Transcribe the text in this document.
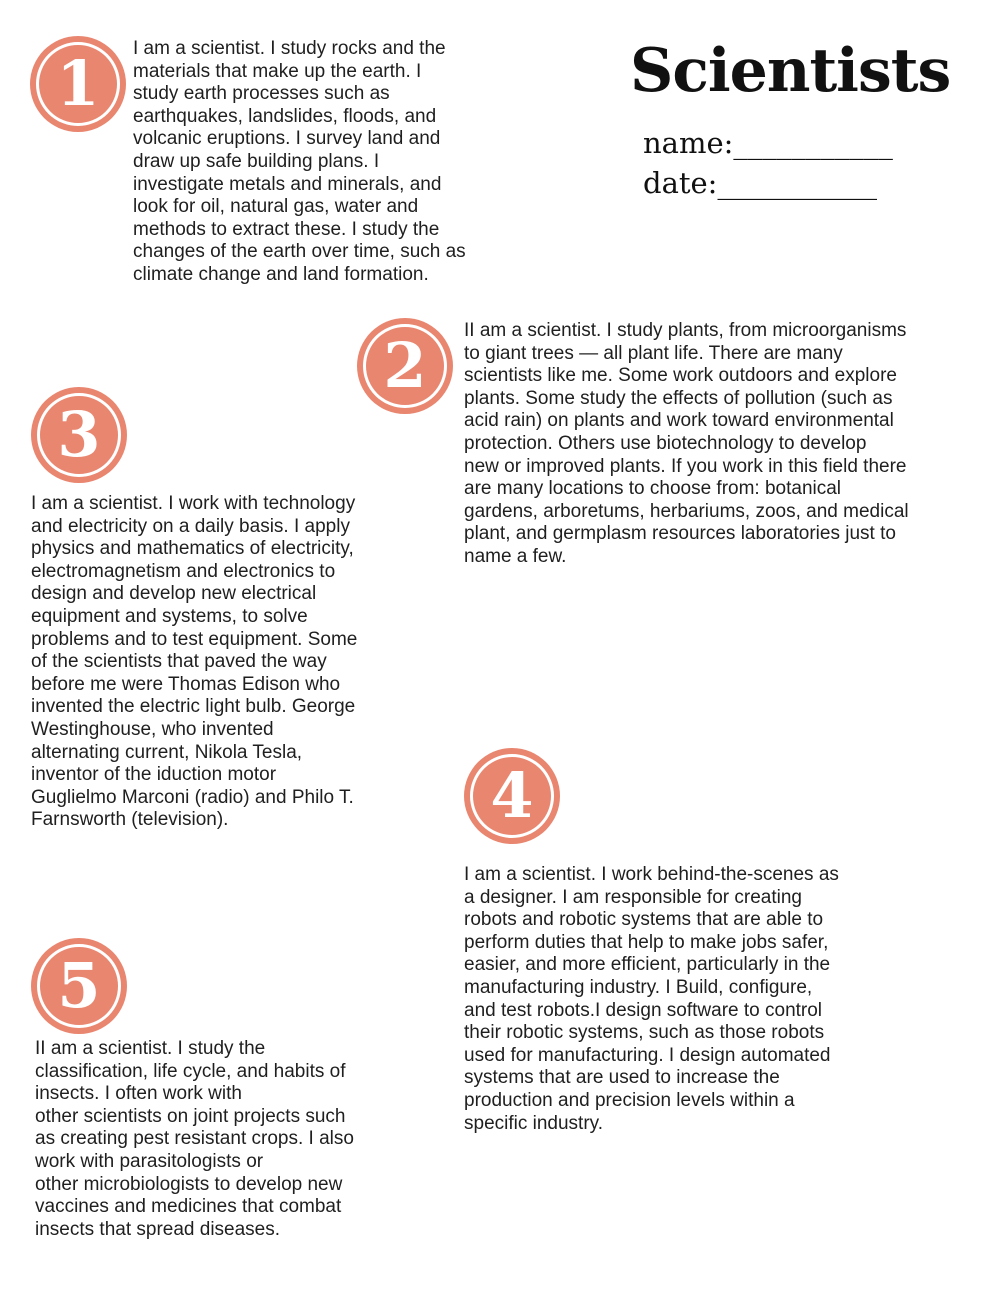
Scientists
name:___________
date:___________
1	I am a scientist. I study rocks and the
materials that make up the earth. I
study earth processes such as
earthquakes, landslides, floods, and
volcanic eruptions. I survey land and
draw up safe building plans. I
investigate metals and minerals, and
look for oil, natural gas, water and
methods to extract these. I study the
changes of the earth over time, such as
climate change and land formation.

2	II am a scientist. I study plants, from microorganisms
to giant trees — all plant life. There are many
scientists like me. Some work outdoors and explore
plants. Some study the effects of pollution (such as
acid rain) on plants and work toward environmental
protection. Others use biotechnology to develop
new or improved plants. If you work in this field there
are many locations to choose from: botanical
gardens, arboretums, herbariums, zoos, and medical
plant, and germplasm resources laboratories just to
name a few.

3

I am a scientist. I work with technology
and electricity on a daily basis. I apply
physics and mathematics of electricity,
electromagnetism and electronics to
design and develop new electrical
equipment and systems, to solve
problems and to test equipment. Some
of the scientists that paved the way
before me were Thomas Edison who
invented the electric light bulb. George
Westinghouse, who invented
alternating current, Nikola Tesla,
inventor of the iduction motor
Guglielmo Marconi (radio) and Philo T.
Farnsworth (television).	4

I am a scientist. I work behind-the-scenes as
a designer. I am responsible for creating
robots and robotic systems that are able to
perform duties that help to make jobs safer,
easier, and more efficient, particularly in the
manufacturing industry. I Build, configure,
and test robots.I design software to control
their robotic systems, such as those robots
used for manufacturing. I design automated
systems that are used to increase the
production and precision levels within a
specific industry.

5

II am a scientist. I study the
classification, life cycle, and habits of
insects. I often work with
other scientists on joint projects such
as creating pest resistant crops. I also
work with parasitologists or
other microbiologists to develop new
vaccines and medicines that combat
insects that spread diseases.
